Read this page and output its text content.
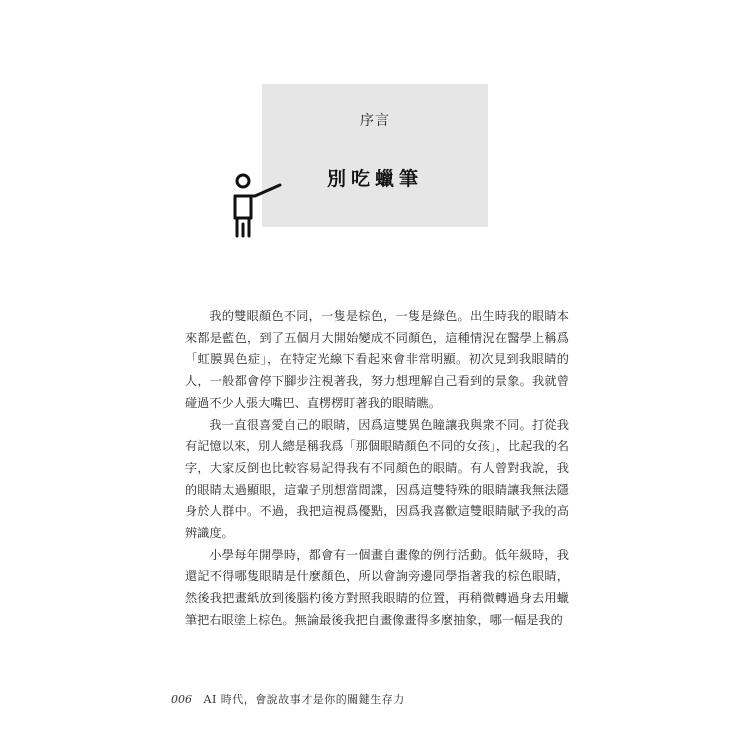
序言
別吃蠟筆

我的雙眼顏色不同，一隻是棕色，一隻是綠色。出生時我的眼睛本來都是藍色，到了五個月大開始變成不同顏色，這種情況在醫學上稱爲「虹膜異色症」，在特定光線下看起來會非常明顯。初次見到我眼睛的人，一般都會停下腳步注視著我，努力想理解自己看到的景象。我就曾碰過不少人張大嘴巴、直楞楞盯著我的眼睛瞧。

我一直很喜愛自己的眼睛，因爲這雙異色瞳讓我與衆不同。打從我有記憶以來，別人總是稱我爲「那個眼睛顏色不同的女孩」，比起我的名字，大家反倒也比較容易記得我有不同顏色的眼睛。有人曾對我說，我的眼睛太過顯眼，這輩子別想當間諜，因爲這雙特殊的眼睛讓我無法隱身於人群中。不過，我把這視爲優點，因爲我喜歡這雙眼睛賦予我的高辨識度。

小學每年開學時，都會有一個畫自畫像的例行活動。低年級時，我還記不得哪隻眼睛是什麼顏色，所以會詢旁邊同學指著我的棕色眼睛，然後我把畫紙放到後腦杓後方對照我眼睛的位置，再稍微轉過身去用蠟筆把右眼塗上棕色。無論最後我把自畫像畫得多麼抽象，哪一幅是我的

006 AI 時代，會說故事才是你的關鍵生存力
